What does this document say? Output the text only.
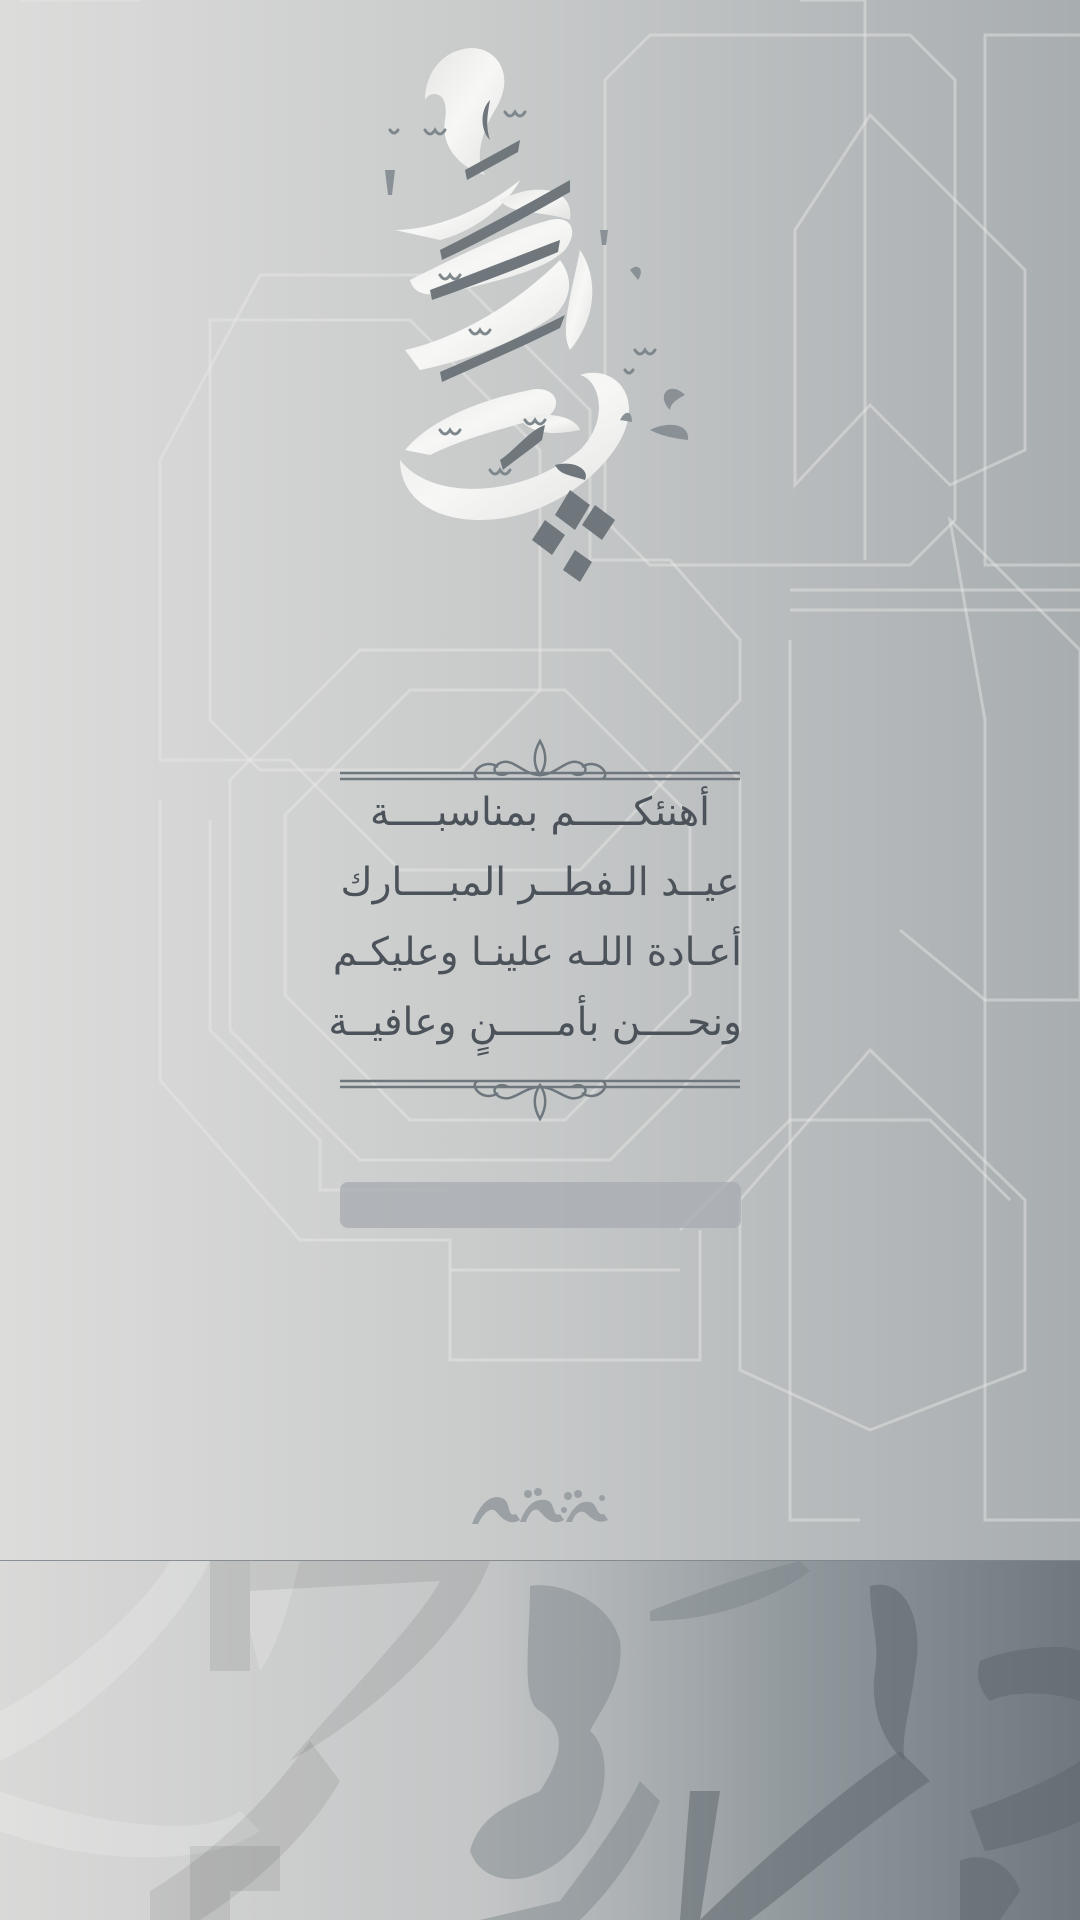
أهنئكـــــم بمناسبــــة
عيــد الـفطــر المبــــارك
أعـادة اللـه علينـا وعليكـم
ونحــــن بأمـــــنٍ وعافيــة
